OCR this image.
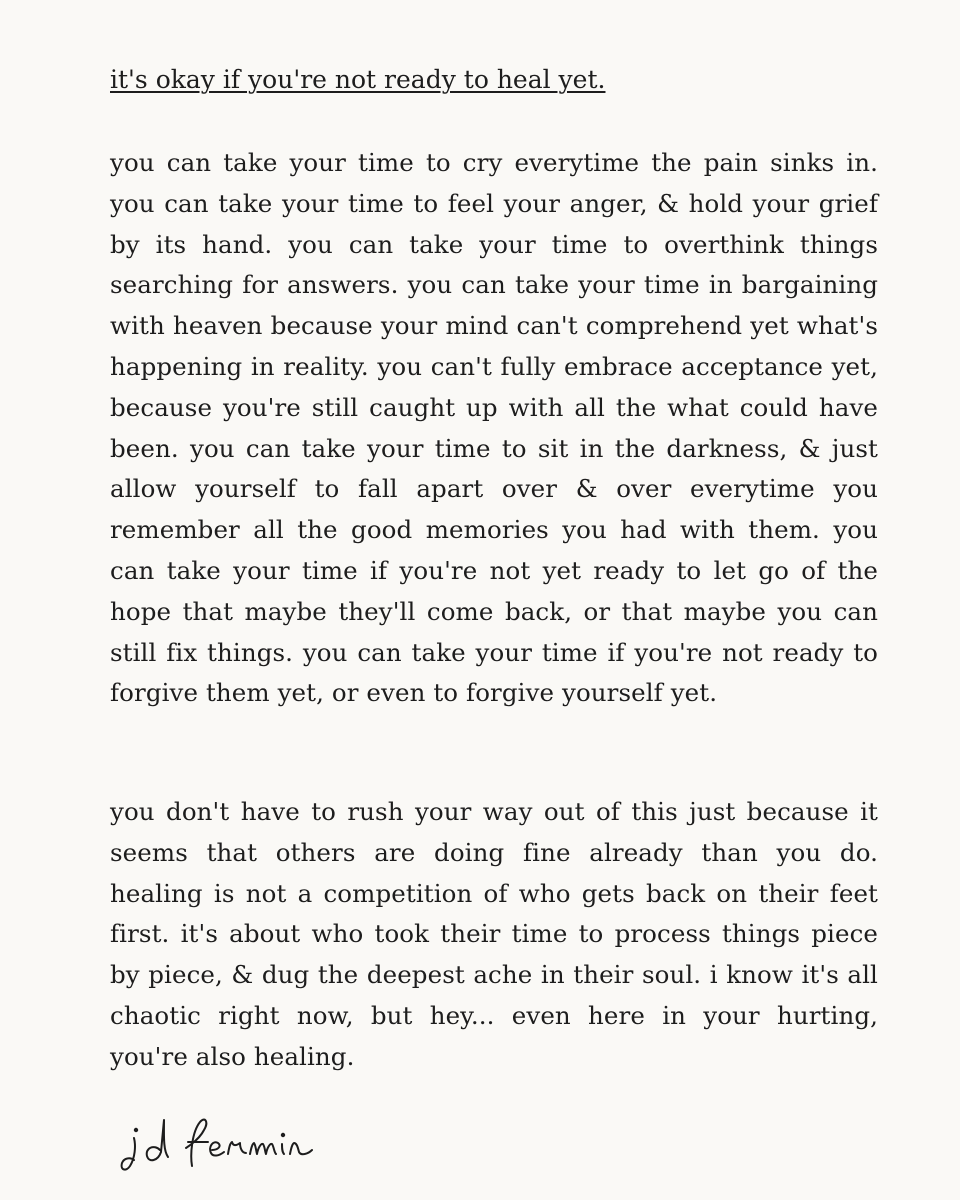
it's okay if you're not ready to heal yet.

you can take your time to cry everytime the pain sinks in. you can take your time to feel your anger, & hold your grief by its hand. you can take your time to overthink things searching for answers. you can take your time in bargaining with heaven because your mind can't comprehend yet what's happening in reality. you can't fully embrace acceptance yet, because you're still caught up with all the what could have been. you can take your time to sit in the darkness, & just allow yourself to fall apart over & over everytime you remember all the good memories you had with them. you can take your time if you're not yet ready to let go of the hope that maybe they'll come back, or that maybe you can still fix things. you can take your time if you're not ready to forgive them yet, or even to forgive yourself yet.

you don't have to rush your way out of this just because it seems that others are doing fine already than you do. healing is not a competition of who gets back on their feet first. it's about who took their time to process things piece by piece, & dug the deepest ache in their soul. i know it's all chaotic right now, but hey... even here in your hurting, you're also healing.
